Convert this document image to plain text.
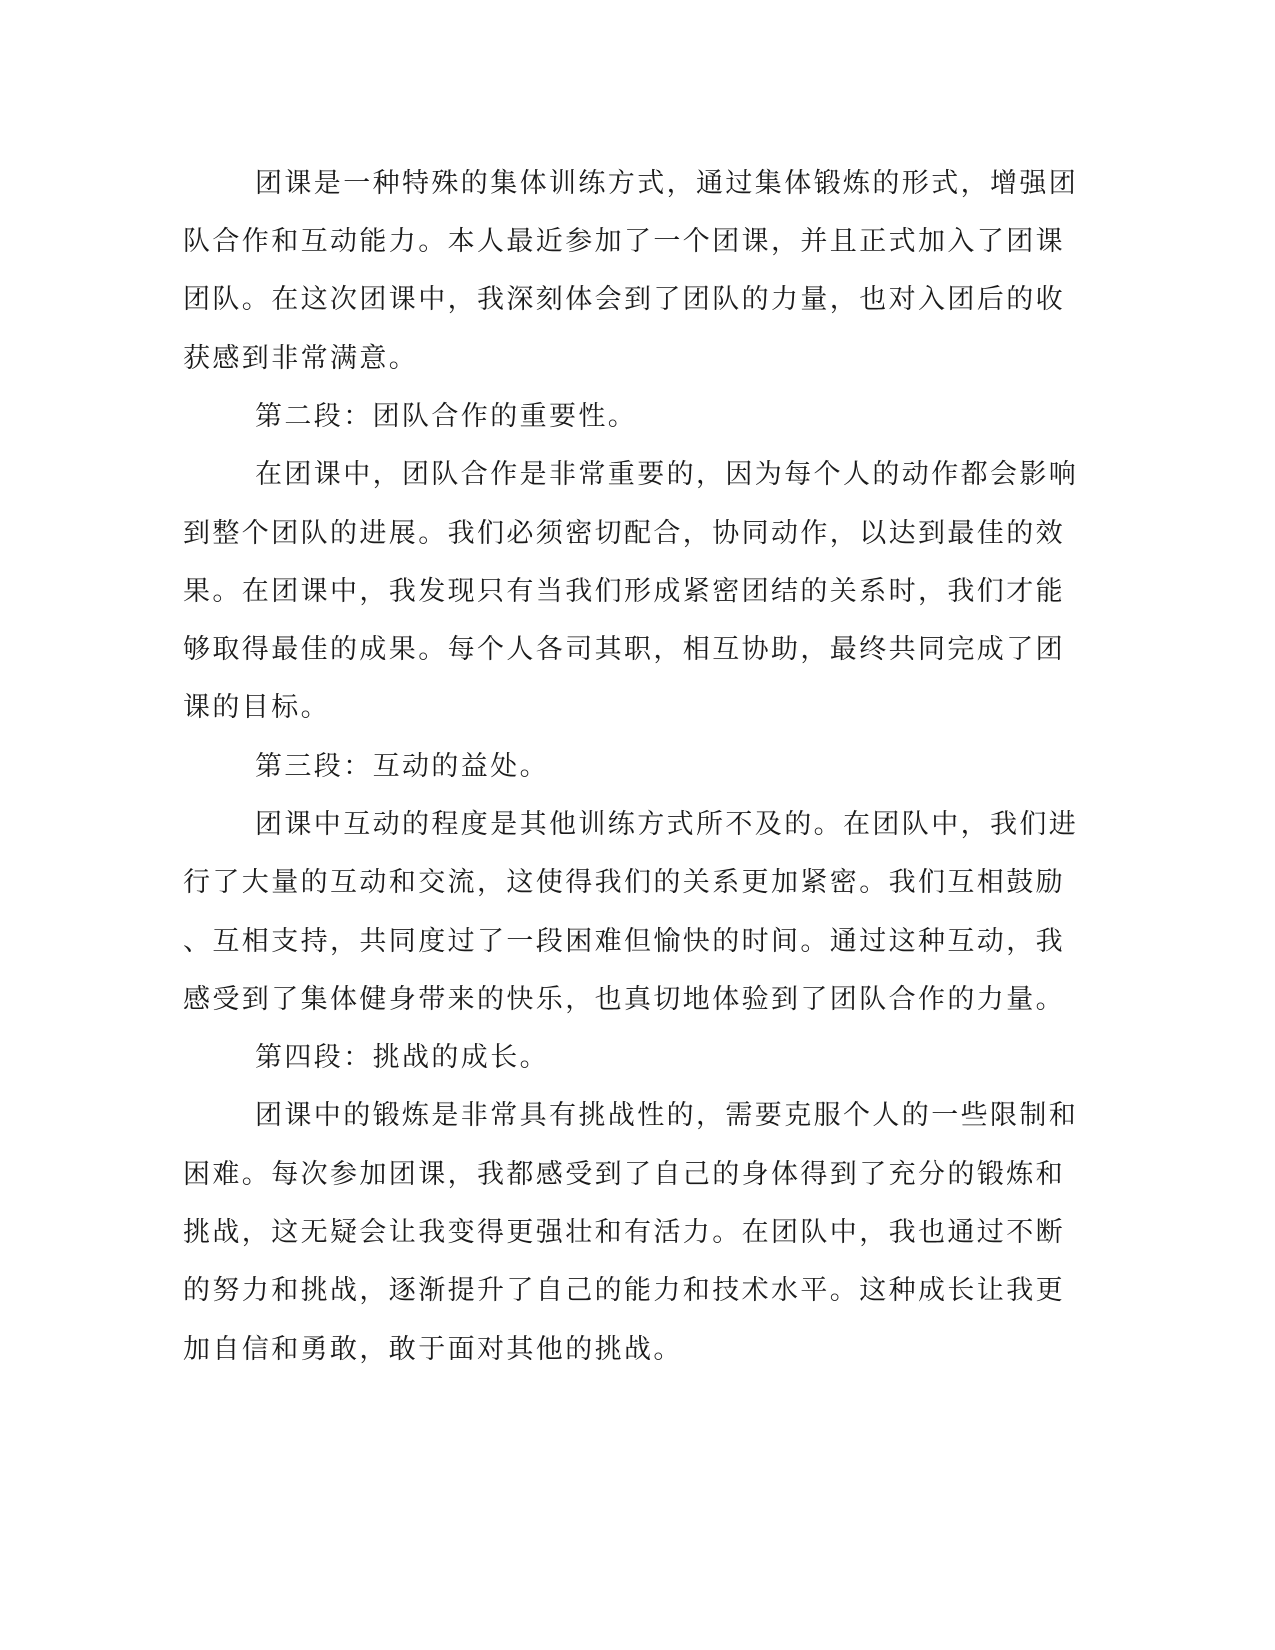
团课是一种特殊的集体训练方式，通过集体锻炼的形式，增强团

队合作和互动能力。本人最近参加了一个团课，并且正式加入了团课

团队。在这次团课中，我深刻体会到了团队的力量，也对入团后的收

获感到非常满意。

第二段：团队合作的重要性。

在团课中，团队合作是非常重要的，因为每个人的动作都会影响

到整个团队的进展。我们必须密切配合，协同动作，以达到最佳的效

果。在团课中，我发现只有当我们形成紧密团结的关系时，我们才能

够取得最佳的成果。每个人各司其职，相互协助，最终共同完成了团

课的目标。

第三段：互动的益处。

团课中互动的程度是其他训练方式所不及的。在团队中，我们进

行了大量的互动和交流，这使得我们的关系更加紧密。我们互相鼓励

、互相支持，共同度过了一段困难但愉快的时间。通过这种互动，我

感受到了集体健身带来的快乐，也真切地体验到了团队合作的力量。

第四段：挑战的成长。

团课中的锻炼是非常具有挑战性的，需要克服个人的一些限制和

困难。每次参加团课，我都感受到了自己的身体得到了充分的锻炼和

挑战，这无疑会让我变得更强壮和有活力。在团队中，我也通过不断

的努力和挑战，逐渐提升了自己的能力和技术水平。这种成长让我更

加自信和勇敢，敢于面对其他的挑战。
